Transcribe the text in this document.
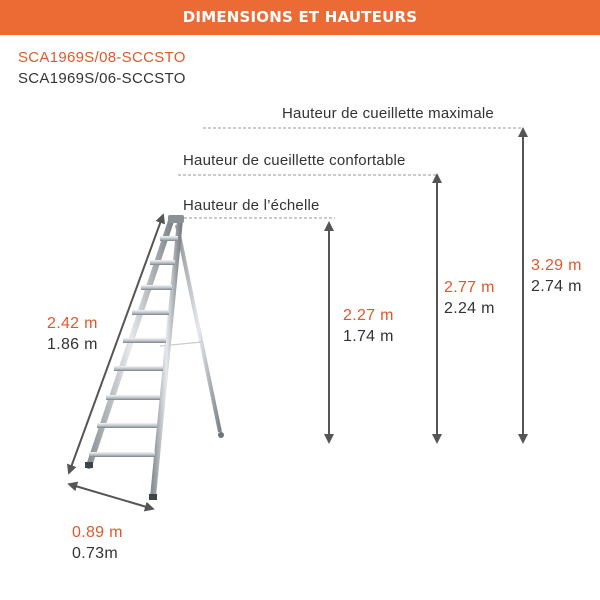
DIMENSIONS ET HAUTEURS
SCA1969S/08-SCCSTO
SCA1969S/06-SCCSTO
Hauteur de cueillette maximale
Hauteur de cueillette confortable
Hauteur de l’échelle
2.27 m
1.74 m
2.77 m
2.24 m
3.29 m
2.74 m
2.42 m
1.86 m
0.89 m
0.73m
